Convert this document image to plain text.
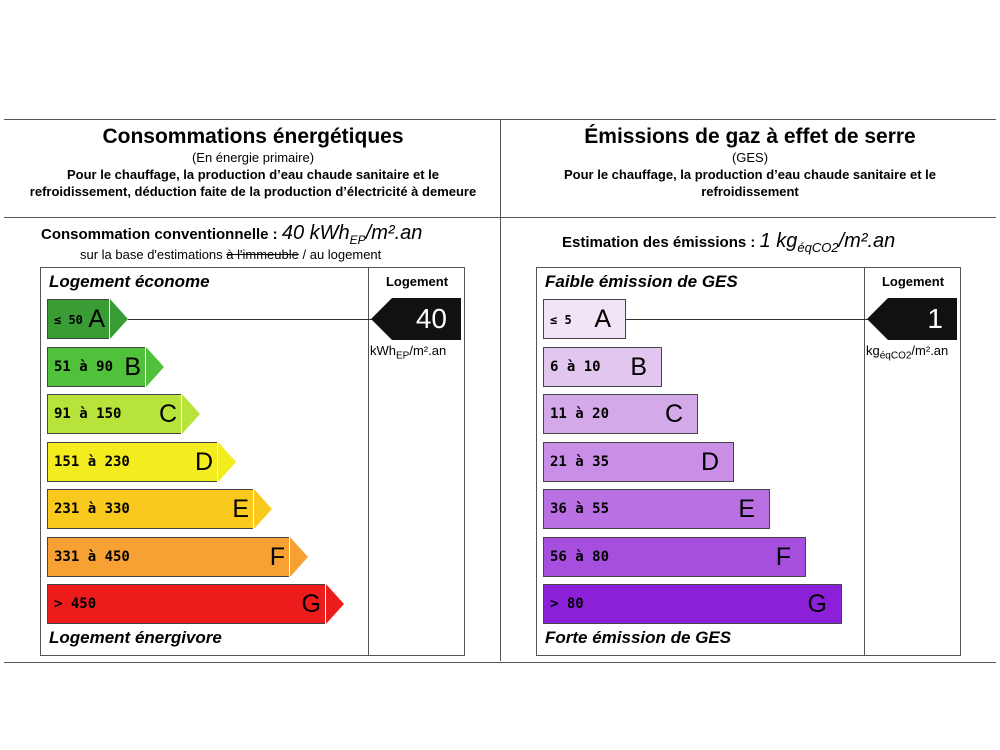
Consommations énergétiques
(En énergie primaire)
Pour le chauffage, la production d’eau chaude sanitaire et le refroidissement, déduction faite de la production d’électricité à demeure
Émissions de gaz à effet de serre
(GES)
Pour le chauffage, la production d’eau chaude sanitaire et le refroidissement
Consommation conventionnelle : 40 kWh$_{EP}$/m².an
sur la base d'estimations à l'immeuble / au logement
Estimation des émissions : 1 $kg_{éqCO2}/m^2.an$
Logement économe
Logement énergivore
Logement
≤ 50 A
51 à 90 B
91 à 150 C
151 à 230	D
231 à 330	E
331 à 450	F
> 450	G
40
kWh$_{EP}$/m².an
Faible émission de GES
Forte émission de GES
Logement
≤ 5 A
6 à 10 B
11 à 20 C
21 à 35	D
36 à 55	E
56 à 80	F
> 80	G
1
$kg_{éqCO2}/m^2.an$
